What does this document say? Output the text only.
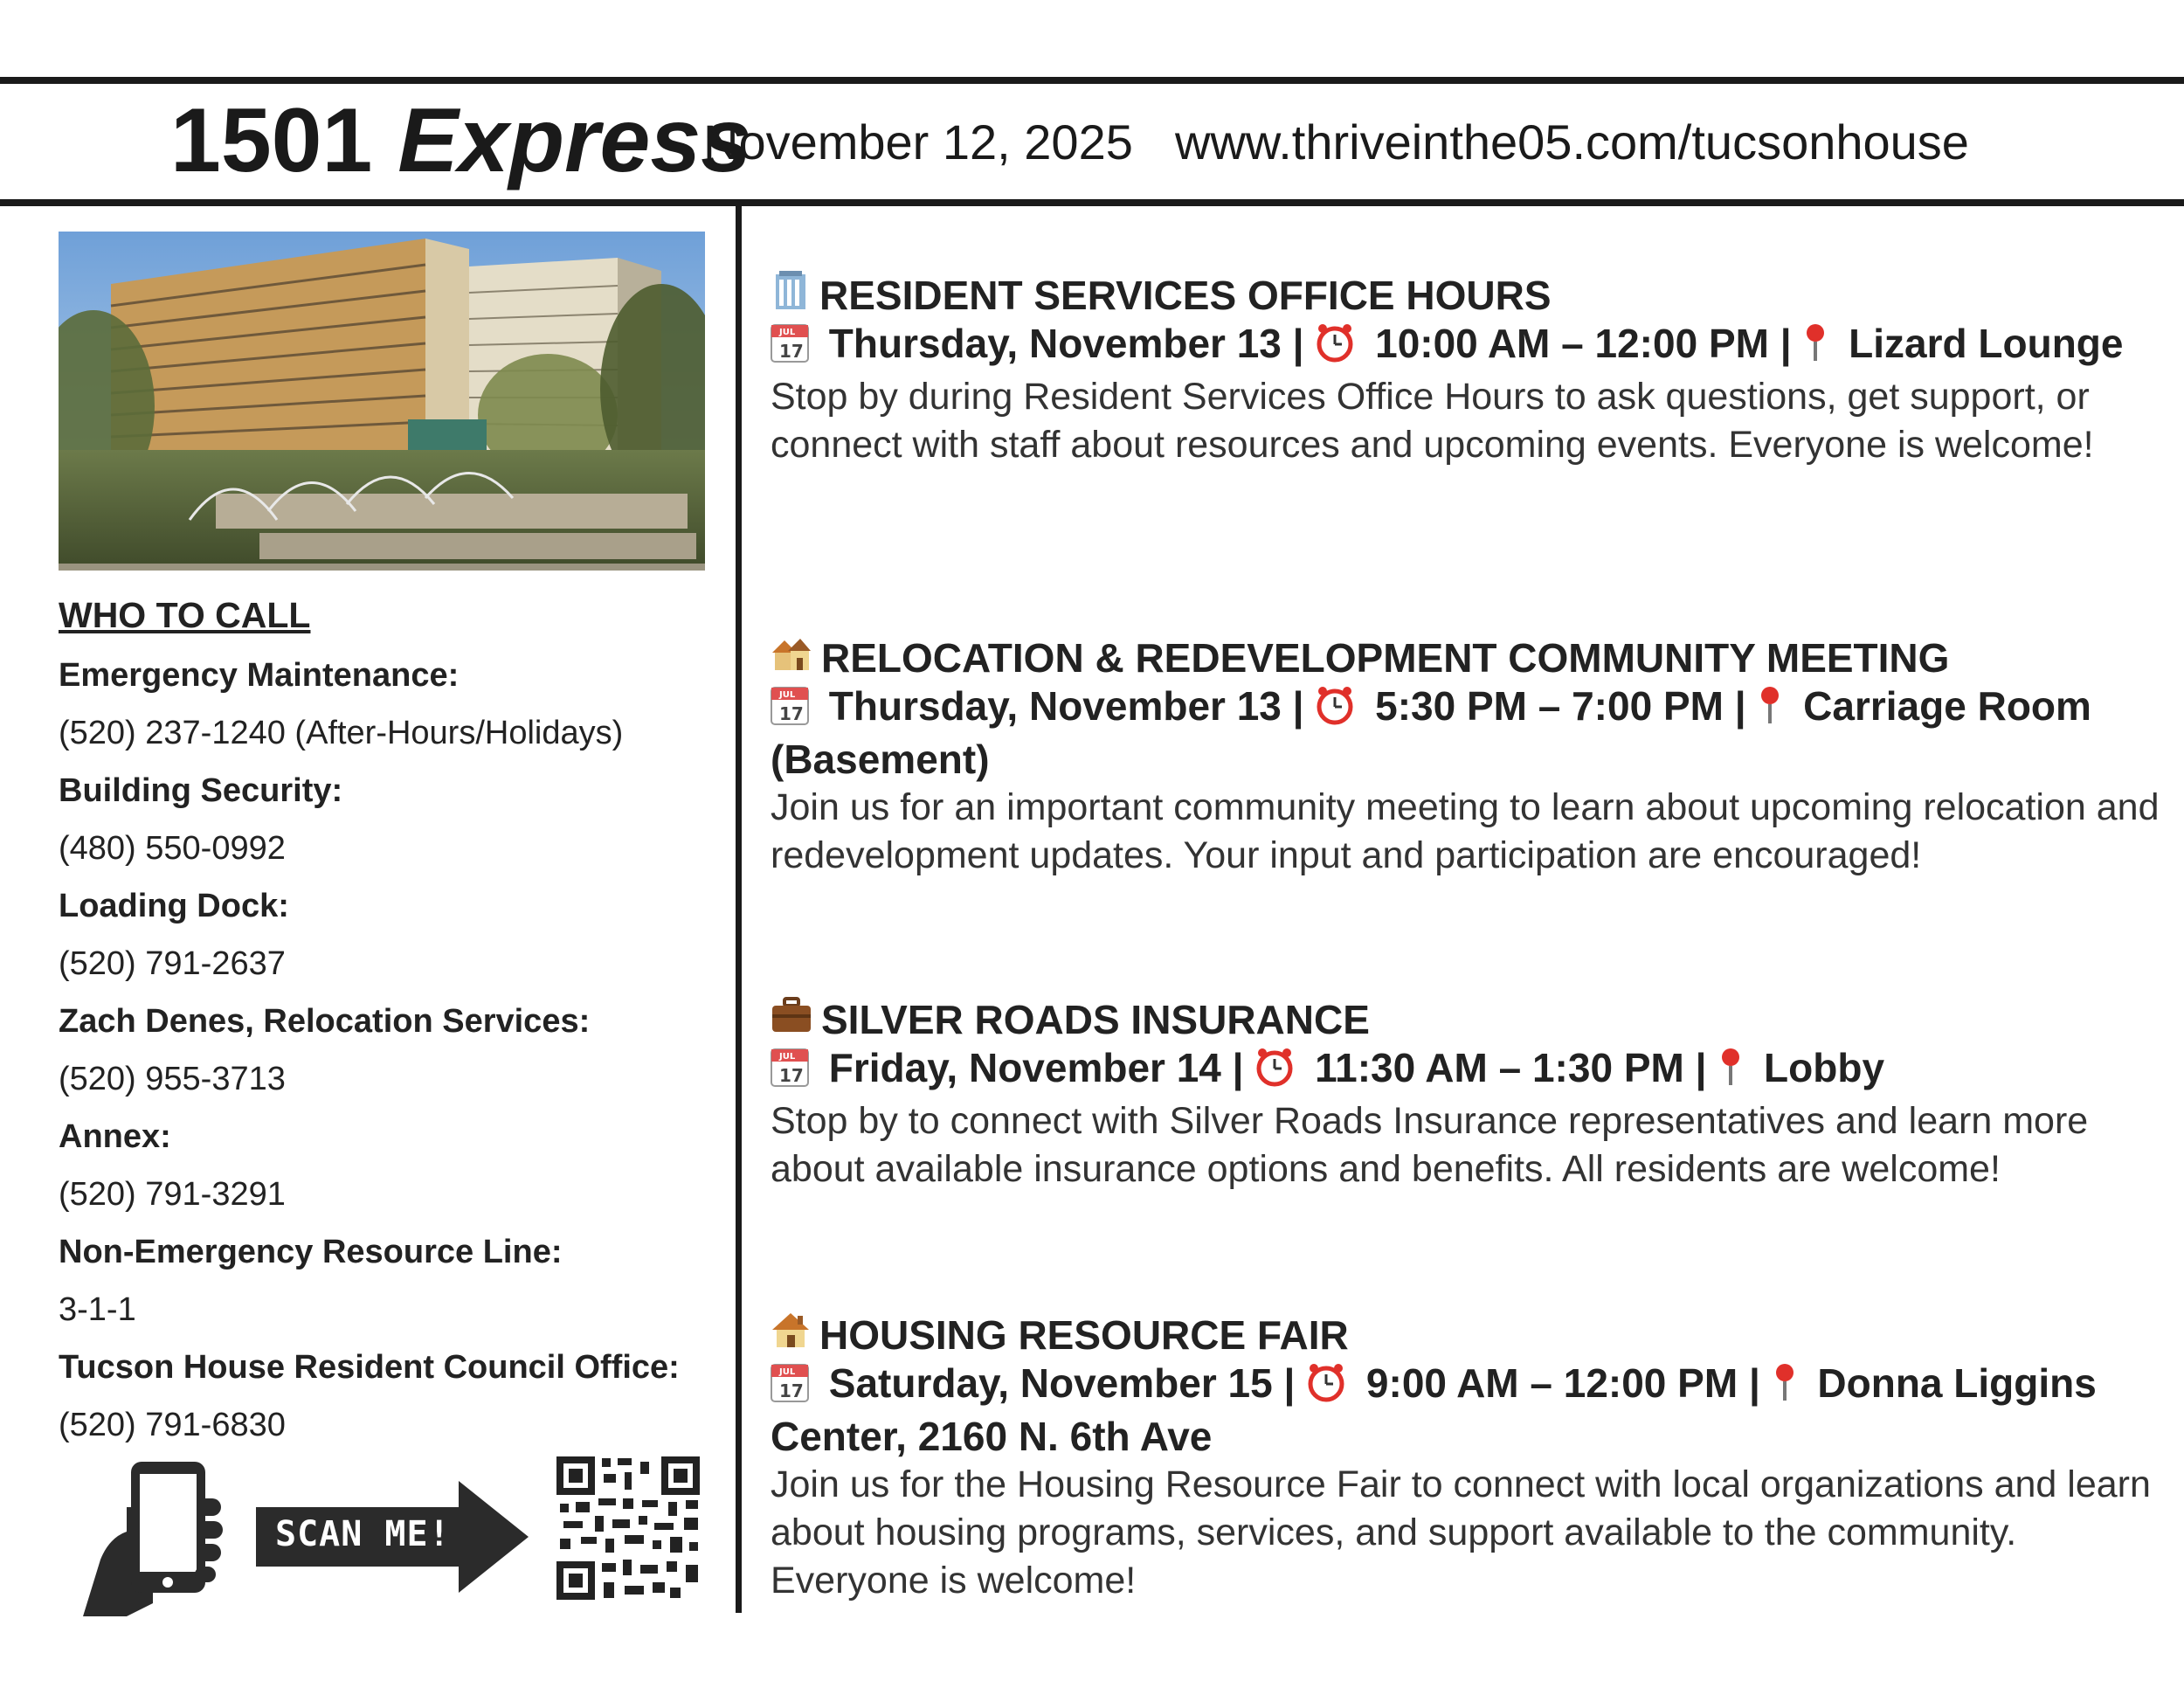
1501 Express
November 12, 2025 www.thriveinthe05.com/tucsonhouse
WHO TO CALL
Emergency Maintenance:
(520) 237-1240 (After-Hours/Holidays)
Building Security:
(480) 550-0992
Loading Dock:
(520) 791-2637
Zach Denes, Relocation Services:
(520) 955-3713
Annex:
(520) 791-3291
Non-Emergency Resource Line:
3-1-1
Tucson House Resident Council Office:
(520) 791-6830
SCAN ME!
RESIDENT SERVICES OFFICE HOURS
JUL
17 Thursday, November 13 | 10:00 AM – 12:00 PM | Lizard Lounge
Stop by during Resident Services Office Hours to ask questions, get support, or connect with staff about resources and upcoming events. Everyone is welcome!
RELOCATION & REDEVELOPMENT COMMUNITY MEETING
JUL
17 Thursday, November 13 | 5:30 PM – 7:00 PM | Carriage Room (Basement)
Join us for an important community meeting to learn about upcoming relocation and redevelopment updates. Your input and participation are encouraged!
SILVER ROADS INSURANCE
JUL
17 Friday, November 14 | 11:30 AM – 1:30 PM | Lobby
Stop by to connect with Silver Roads Insurance representatives and learn more about available insurance options and benefits. All residents are welcome!
HOUSING RESOURCE FAIR
JUL
17 Saturday, November 15 | 9:00 AM – 12:00 PM | Donna Liggins Center, 2160 N. 6th Ave
Join us for the Housing Resource Fair to connect with local organizations and learn about housing programs, services, and support available to the community. Everyone is welcome!
